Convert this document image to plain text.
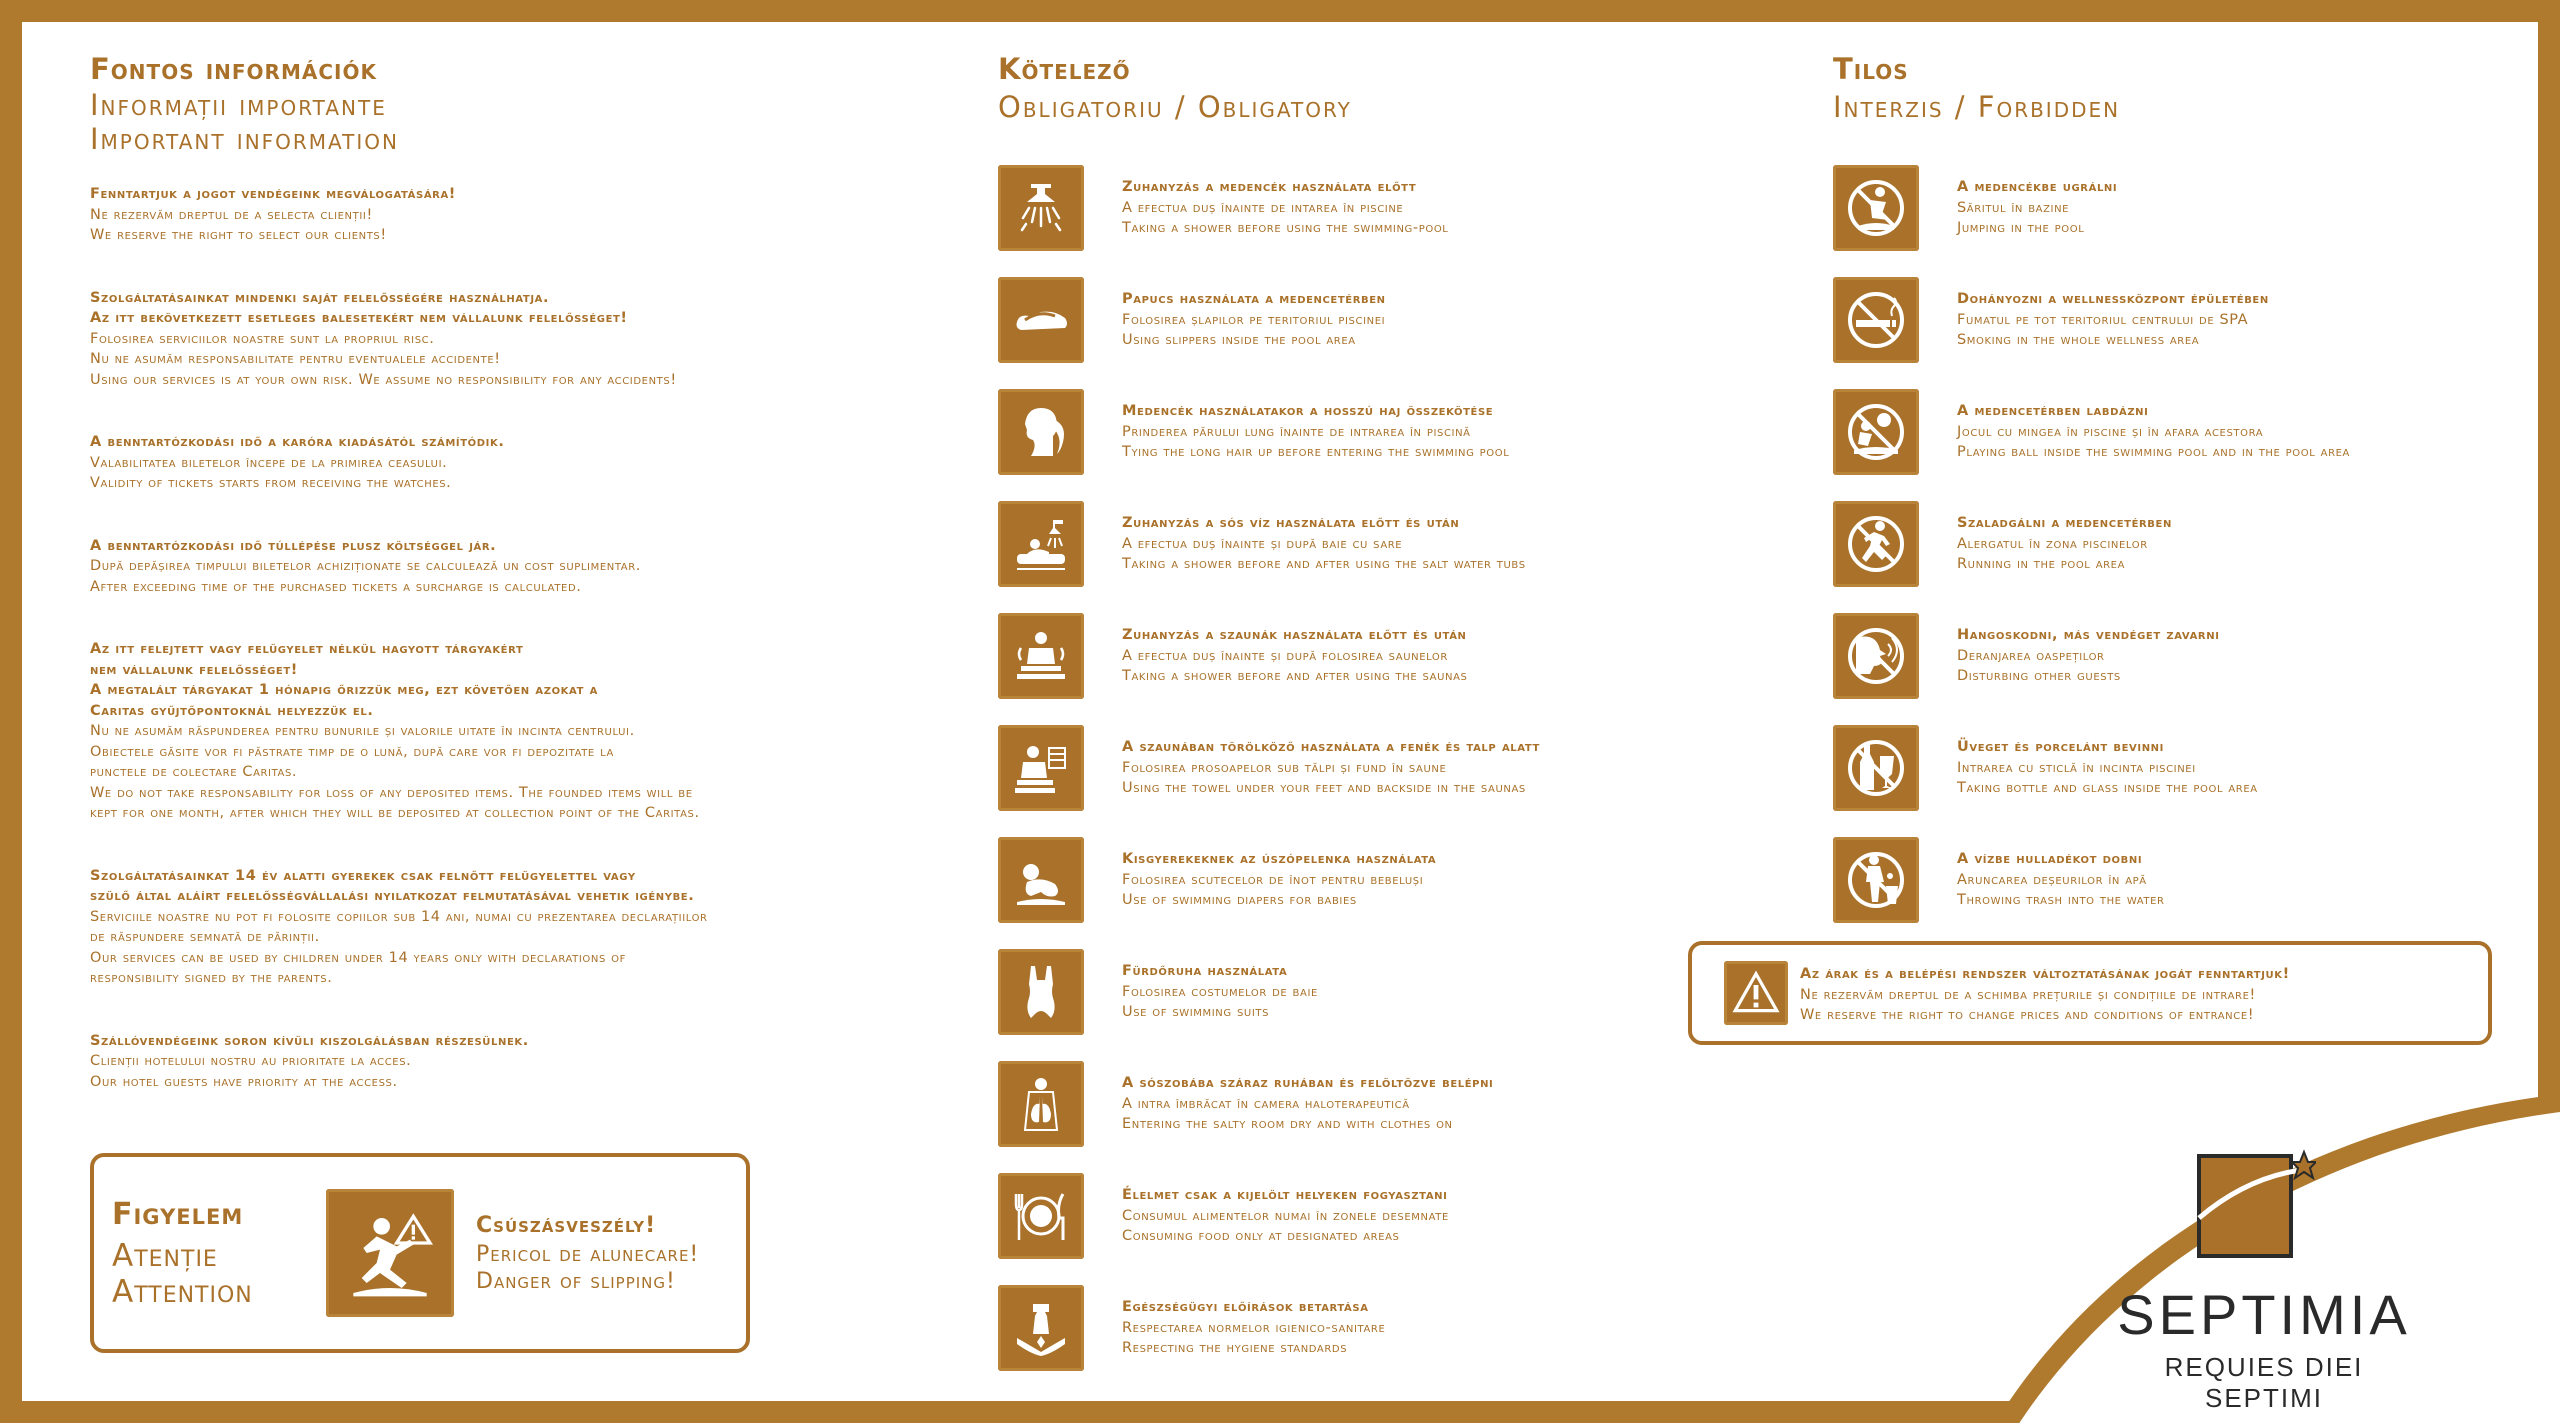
Fontos információk
Informații importante
Important information
Fenntartjuk a jogot vendégeink megválogatására!
Ne rezervăm dreptul de a selecta clienții!
We reserve the right to select our clients!
Szolgáltatásainkat mindenki saját felelősségére használhatja.
Az itt bekövetkezett esetleges balesetekért nem vállalunk felelősséget!
Folosirea serviciilor noastre sunt la propriul risc.
Nu ne asumăm responsabilitate pentru eventualele accidente!
Using our services is at your own risk. We assume no responsibility for any accidents!
A benntartózkodási idő a karóra kiadásától számítódik.
Valabilitatea biletelor începe de la primirea ceasului.
Validity of tickets starts from receiving the watches.
A benntartózkodási idő túllépése plusz költséggel jár.
După depășirea timpului biletelor achiziționate se calculează un cost suplimentar.
After exceeding time of the purchased tickets a surcharge is calculated.
Az itt felejtett vagy felügyelet nélkül hagyott tárgyakért
nem vállalunk felelősséget!
A megtalált tárgyakat 1 hónapig őrizzük meg, ezt követően azokat a
Caritas gyűjtőpontoknál helyezzük el.
Nu ne asumăm răspunderea pentru bunurile și valorile uitate în incinta centrului.
Obiectele găsite vor fi păstrate timp de o lună, după care vor fi depozitate la
punctele de colectare Caritas.
We do not take responsability for loss of any deposited items. The founded items will be
kept for one month, after which they will be deposited at collection point of the Caritas.
Szolgáltatásainkat 14 év alatti gyerekek csak felnőtt felügyelettel vagy
szülő által aláírt felelősségvállalási nyilatkozat felmutatásával vehetik igénybe.
Serviciile noastre nu pot fi folosite copiilor sub 14 ani, numai cu prezentarea declarațiilor
de răspundere semnată de părinții.
Our services can be used by children under 14 years only with declarations of
responsibility signed by the parents.
Szállóvendégeink soron kívüli kiszolgálásban részesülnek.
Clienții hotelului nostru au prioritate la acces.
Our hotel guests have priority at the access.
Figyelem
Atenție
Attention
Csúszásveszély!
Pericol de alunecare!
Danger of slipping!
Kötelező
Obligatoriu / Obligatory
Zuhanyzás a medencék használata előtt
A efectua duș înainte de intarea în piscine
Taking a shower before using the swimming-pool
Papucs használata a medencetérben
Folosirea șlapilor pe teritoriul piscinei
Using slippers inside the pool area
Medencék használatakor a hosszú haj összekötése
Prinderea părului lung înainte de intrarea în piscină
Tying the long hair up before entering the swimming pool
Zuhanyzás a sós víz használata előtt és után
A efectua duș înainte și după baie cu sare
Taking a shower before and after using the salt water tubs
Zuhanyzás a szaunák használata előtt és után
A efectua duș înainte și după folosirea saunelor
Taking a shower before and after using the saunas
A szaunában törölköző használata a fenék és talp alatt
Folosirea prosoapelor sub tălpi și fund în saune
Using the towel under your feet and backside in the saunas
Kisgyerekeknek az úszópelenka használata
Folosirea scutecelor de înot pentru bebeluși
Use of swimming diapers for babies
Fürdőruha használata
Folosirea costumelor de baie
Use of swimming suits
A sószobába száraz ruhában és felöltözve belépni
A intra îmbrăcat în camera haloterapeutică
Entering the salty room dry and with clothes on
Élelmet csak a kijelölt helyeken fogyasztani
Consumul alimentelor numai în zonele desemnate
Consuming food only at designated areas
Egészségügyi előírások betartása
Respectarea normelor igienico-sanitare
Respecting the hygiene standards
Tilos
Interzis / Forbidden
A medencékbe ugrálni
Săritul în bazine
Jumping in the pool
Dohányozni a wellnessközpont épületében
Fumatul pe tot teritoriul centrului de SPA
Smoking in the whole wellness area
A medencetérben labdázni
Jocul cu mingea în piscine și în afara acestora
Playing ball inside the swimming pool and in the pool area
Szaladgálni a medencetérben
Alergatul în zona piscinelor
Running in the pool area
Hangoskodni, más vendéget zavarni
Deranjarea oaspeților
Disturbing other guests
Üveget és porcelánt bevinni
Intrarea cu sticlă în incinta piscinei
Taking bottle and glass inside the pool area
A vízbe hulladékot dobni
Aruncarea deșeurilor în apă
Throwing trash into the water
Az árak és a belépési rendszer változtatásának jogát fenntartjuk!
Ne rezervăm dreptul de a schimba prețurile și condițiile de intrare!
We reserve the right to change prices and conditions of entrance!
SEPTIMIA
REQUIES DIEI SEPTIMI
